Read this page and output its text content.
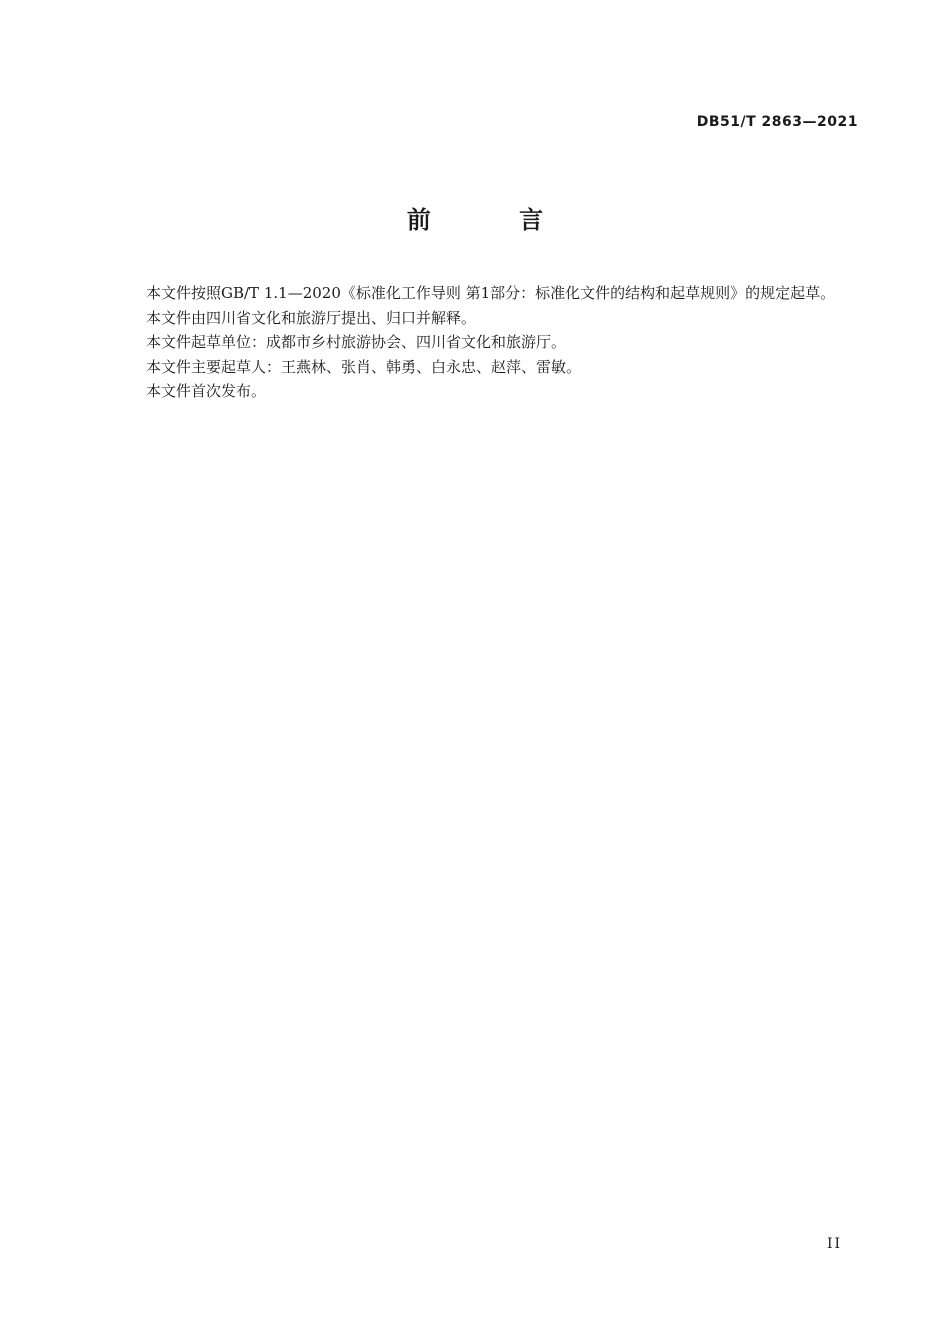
DB51/T 2863—2021
前 言

本文件按照GB/T 1.1—2020《标准化工作导则 第1部分：标准化文件的结构和起草规则》的规定起草。

本文件由四川省文化和旅游厅提出、归口并解释。

本文件起草单位：成都市乡村旅游协会、四川省文化和旅游厅。

本文件主要起草人：王燕林、张肖、韩勇、白永忠、赵萍、雷敏。

本文件首次发布。

II
